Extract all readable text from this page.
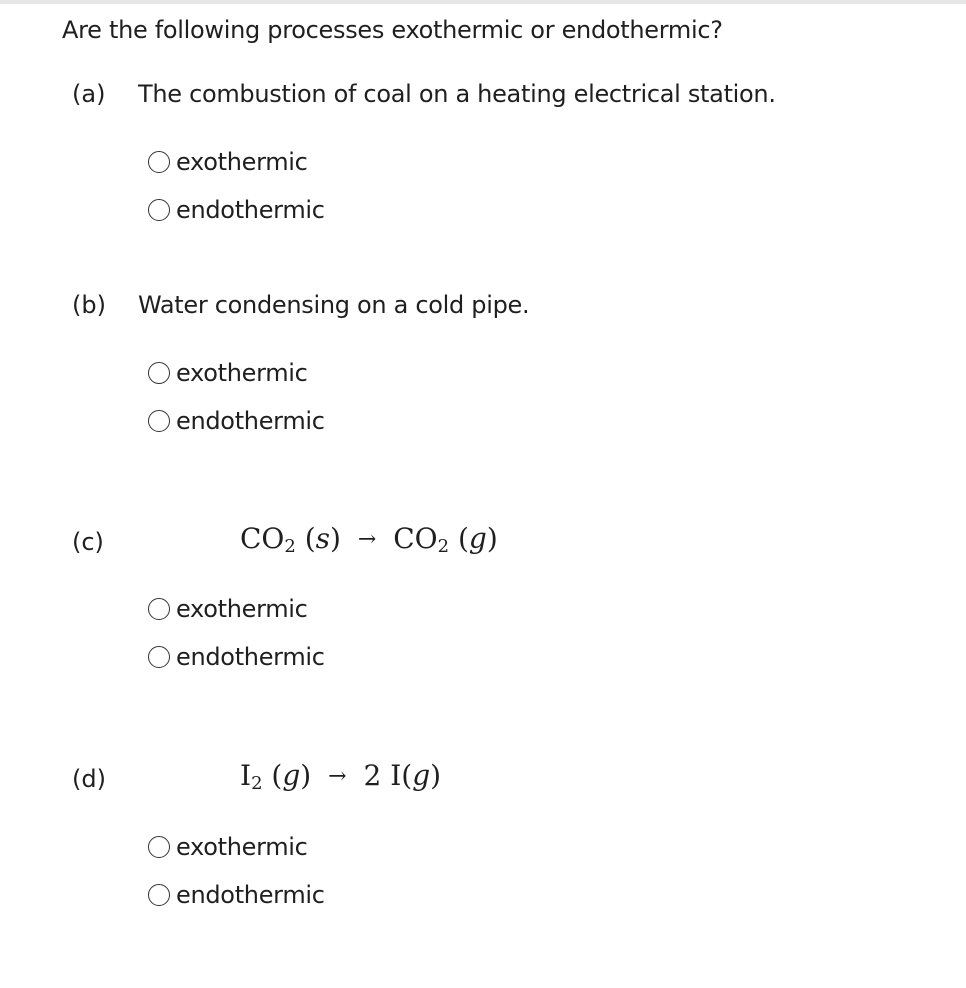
Are the following processes exothermic or endothermic?
(a) The combustion of coal on a heating electrical station.
exothermic
endothermic
(b) Water condensing on a cold pipe.
exothermic
endothermic
(c)	$CO_2$ $(s) \to CO_2$ (g)
exothermic
endothermic
(d)	$I_2$ (g) → 2 I(g)
exothermic
endothermic
